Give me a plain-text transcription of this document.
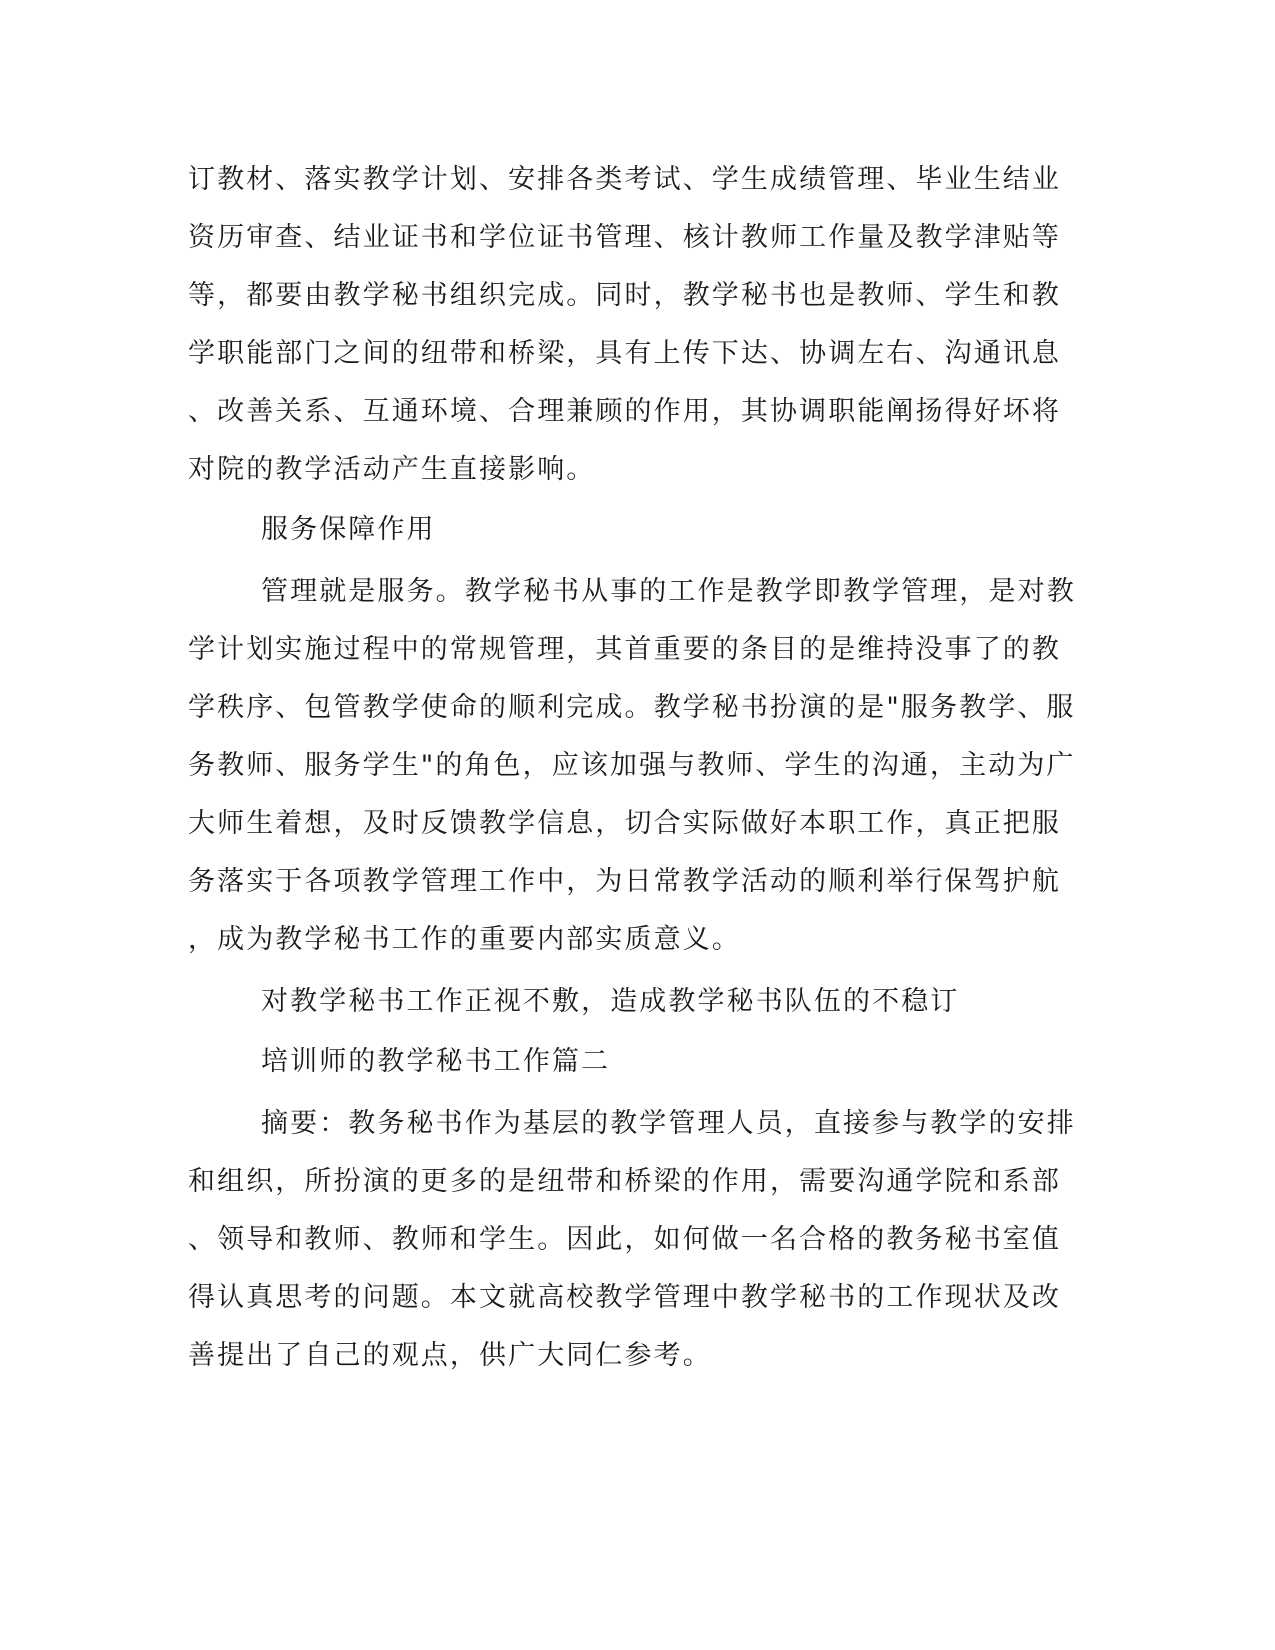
订教材、落实教学计划、安排各类考试、学生成绩管理、毕业生结业
资历审查、结业证书和学位证书管理、核计教师工作量及教学津贴等
等，都要由教学秘书组织完成。同时，教学秘书也是教师、学生和教
学职能部门之间的纽带和桥梁，具有上传下达、协调左右、沟通讯息
、改善关系、互通环境、合理兼顾的作用，其协调职能阐扬得好坏将
对院的教学活动产生直接影响。
服务保障作用
管理就是服务。教学秘书从事的工作是教学即教学管理，是对教
学计划实施过程中的常规管理，其首重要的条目的是维持没事了的教
学秩序、包管教学使命的顺利完成。教学秘书扮演的是"服务教学、服
务教师、服务学生"的角色，应该加强与教师、学生的沟通，主动为广
大师生着想，及时反馈教学信息，切合实际做好本职工作，真正把服
务落实于各项教学管理工作中，为日常教学活动的顺利举行保驾护航
，成为教学秘书工作的重要内部实质意义。
对教学秘书工作正视不敷，造成教学秘书队伍的不稳订
培训师的教学秘书工作篇二
摘要：教务秘书作为基层的教学管理人员，直接参与教学的安排
和组织，所扮演的更多的是纽带和桥梁的作用，需要沟通学院和系部
、领导和教师、教师和学生。因此，如何做一名合格的教务秘书室值
得认真思考的问题。本文就高校教学管理中教学秘书的工作现状及改
善提出了自己的观点，供广大同仁参考。
